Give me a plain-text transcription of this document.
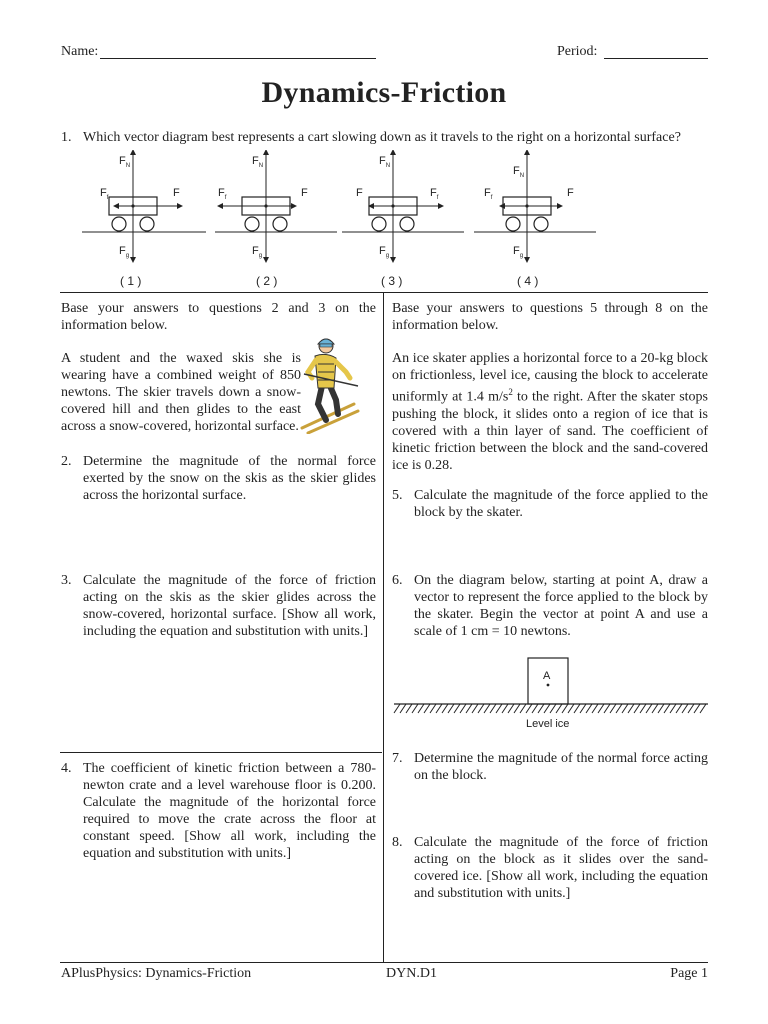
Name:	Period:
Dynamics-Friction
1. Which vector diagram best represents a cart slowing down as it travels to the right on a horizontal surface?
$F_N$
$F_f$	F
$F_g$
$F_N$
$F_f$	F
$F_g$
$F_N$
F	$F_f$
$F_g$
$F_N$
$F_f$	F
$F_g$
( 1 )	( 2 )	( 3 )	( 4 )
Base your answers to questions 2 and 3 on the information below.
A student and the waxed skis she is wearing have a combined weight of 850 newtons. The skier travels down a snow-covered hill and then glides to the east across a snow-covered, horizontal surface.
2. Determine the magnitude of the normal force exerted by the snow on the skis as the skier glides across the horizontal surface.
3. Calculate the magnitude of the force of friction acting on the skis as the skier glides across the snow-covered, horizontal surface. [Show all work, including the equation and substitution with units.]
4. The coefficient of kinetic friction between a 780-newton crate and a level warehouse floor is 0.200. Calculate the magnitude of the horizontal force required to move the crate across the floor at constant speed. [Show all work, including the equation and substitution with units.]
Base your answers to questions 5 through 8 on the information below.
An ice skater applies a horizontal force to a 20-kg block on frictionless, level ice, causing the block to accelerate uniformly at 1.4 $m/s^2$ to the right. After the skater stops pushing the block, it slides onto a region of ice that is covered with a thin layer of sand. The coefficient of kinetic friction between the block and the sand-covered ice is 0.28.
5. Calculate the magnitude of the force applied to the block by the skater.
6. On the diagram below, starting at point A, draw a vector to represent the force applied to the block by the skater. Begin the vector at point A and use a scale of 1 cm = 10 newtons.
A
Level ice
7. Determine the magnitude of the normal force acting on the block.
8. Calculate the magnitude of the force of friction acting on the block as it slides over the sand-covered ice. [Show all work, including the equation and substitution with units.]
APlusPhysics: Dynamics-Friction	DYN.D1	Page 1
